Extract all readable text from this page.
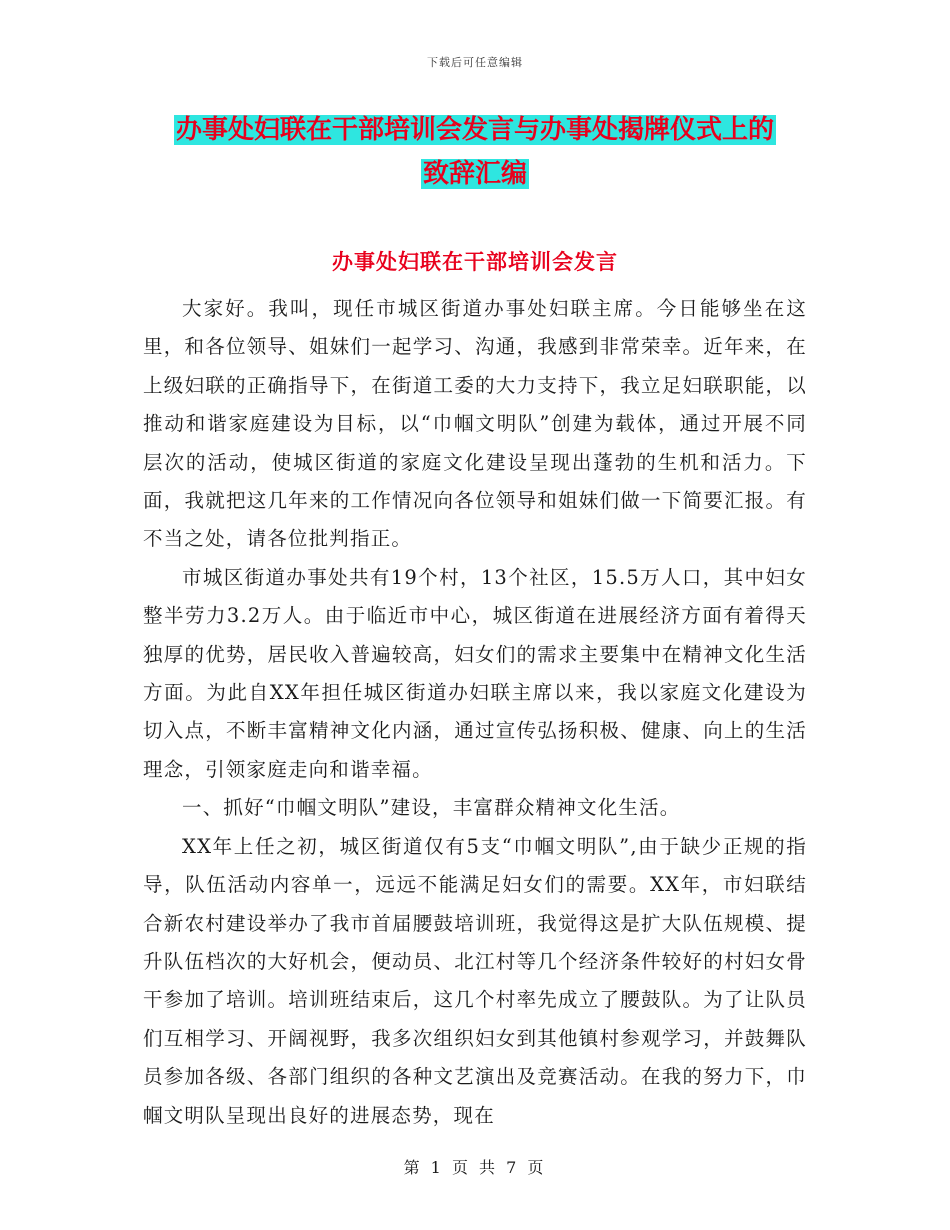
下载后可任意编辑
办事处妇联在干部培训会发言与办事处揭牌仪式上的
致辞汇编
办事处妇联在干部培训会发言

大家好。我叫，现任市城区街道办事处妇联主席。今日能够坐在这里，和各位领导、姐妹们一起学习、沟通，我感到非常荣幸。近年来，在上级妇联的正确指导下，在街道工委的大力支持下，我立足妇联职能，以推动和谐家庭建设为目标，以“巾帼文明队”创建为载体，通过开展不同层次的活动，使城区街道的家庭文化建设呈现出蓬勃的生机和活力。下面，我就把这几年来的工作情况向各位领导和姐妹们做一下简要汇报。有不当之处，请各位批判指正。

市城区街道办事处共有19个村，13个社区，15.5万人口，其中妇女整半劳力3.2万人。由于临近市中心，城区街道在进展经济方面有着得天独厚的优势，居民收入普遍较高，妇女们的需求主要集中在精神文化生活方面。为此自XX年担任城区街道办妇联主席以来，我以家庭文化建设为切入点，不断丰富精神文化内涵，通过宣传弘扬积极、健康、向上的生活理念，引领家庭走向和谐幸福。

一、抓好“巾帼文明队”建设，丰富群众精神文化生活。

XX年上任之初，城区街道仅有5支“巾帼文明队”,由于缺少正规的指导，队伍活动内容单一，远远不能满足妇女们的需要。XX年，市妇联结合新农村建设举办了我市首届腰鼓培训班，我觉得这是扩大队伍规模、提升队伍档次的大好机会，便动员、北江村等几个经济条件较好的村妇女骨干参加了培训。培训班结束后，这几个村率先成立了腰鼓队。为了让队员们互相学习、开阔视野，我多次组织妇女到其他镇村参观学习，并鼓舞队员参加各级、各部门组织的各种文艺演出及竞赛活动。在我的努力下，巾帼文明队呈现出良好的进展态势，现在

第 1 页 共 7 页
